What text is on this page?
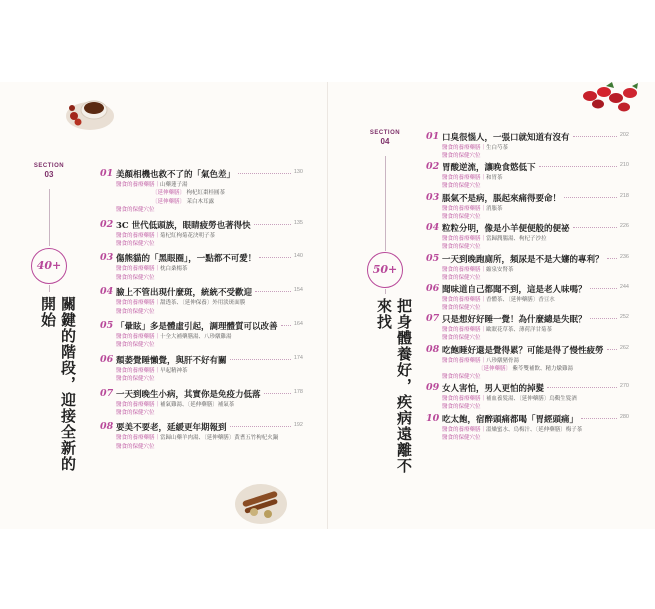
SECTION
03
40+
關鍵的階段，迎接全新的開始
01 美顏相機也救不了的「氣色差」	130
醫食的養療藥膳｜山藥蓮子湯
〔延伸藥膳〕 枸杞紅棗桂圓茶
〔延伸藥膳〕 茉白木耳露
醫食的保健穴位
02 3C 世代低頭族，眼睛疲勞也著得快	135
醫食的養療藥膳｜菊杞紅枸菊花決明子茶
醫食的保健穴位
03 傷熊貓的「黑眼圈」，一點都不可愛！	140
醫食的養療藥膳｜枕白桑楊茶
醫食的保健穴位
04 臉上不管出現什麼斑，統統不受歡迎	154
醫食的養療藥膳｜甜透茶、〔延伸保養〕外用淡斑面膜
醫食的保健穴位
05 「暈眩」多是體虛引起，調理體質可以改善	164
醫食的養療藥膳｜十全大補藥膳湯、八珍燉雞湯
醫食的保健穴位
06 頹萎覺睡懶覺，與肝不好有關	174
醫食的養療藥膳｜早起精神茶
醫食的保健穴位
07 一天到晚生小病，其實你是免疫力低落	178
醫食的養療藥膳｜補氣雞湯、〔延伸藥膳〕補氣茶
醫食的保健穴位
08 要美不要老，延緩更年期報到	192
醫食的養療藥膳｜當歸山藥羊肉湯、〔延伸藥膳〕黃耆五竹枸杞火鍋
醫食的保健穴位
SECTION
04
50+
把身體養好，疾病遠離不來找
01 口臭很惱人，一張口就知道有沒有	202
醫食的養療藥膳｜生白芍茶
醫食的保健穴位
02 胃酸逆流，讓晚食慾低下	210
醫食的養療藥膳｜和胃茶
醫食的保健穴位
03 脹氣不是病，脹起來痛得要命！	218
醫食的養療藥膳｜消脹茶
醫食的保健穴位
04 粒粒分明，像是小羊便便般的便祕	226
醫食的養療藥膳｜當歸潤腸湯、枸杞子沙拉
醫食的保健穴位
05 一天到晚跑廁所，頻尿是不是大嬸的專利？	236
醫食的養療藥膳｜縮泉安腎茶
醫食的保健穴位
06 聞味道自己都聞不到，這是老人味嗎？	244
醫食的養療藥膳｜香體茶、〔延伸藥膳〕香豆水
醫食的保健穴位
07 只是想好好睡一覺！為什麼總是失眠？	252
醫食的養療藥膳｜歐眠花草茶、薄荷洋甘菊茶
醫食的保健穴位
08 吃飽睡好還是覺得累？可能是得了慢性疲勞	262
醫食的養療藥膳｜八珍燉豬骨湯
〔延伸藥膳〕 紫苓雙補飲、精力燉雞湯
醫食的保健穴位
09 女人害怕，男人更怕的掉髮	270
醫食的養療藥膳｜補血養髮湯、〔延伸藥膳〕烏鷄生髮酒
醫食的保健穴位
10 吃太飽，宿醉頭痛都喝「胃經頭痛」	280
醫食的養療藥膳｜溫燥蜜水、烏梅汁、〔延伸藥膳〕梅子茶
醫食的保健穴位
